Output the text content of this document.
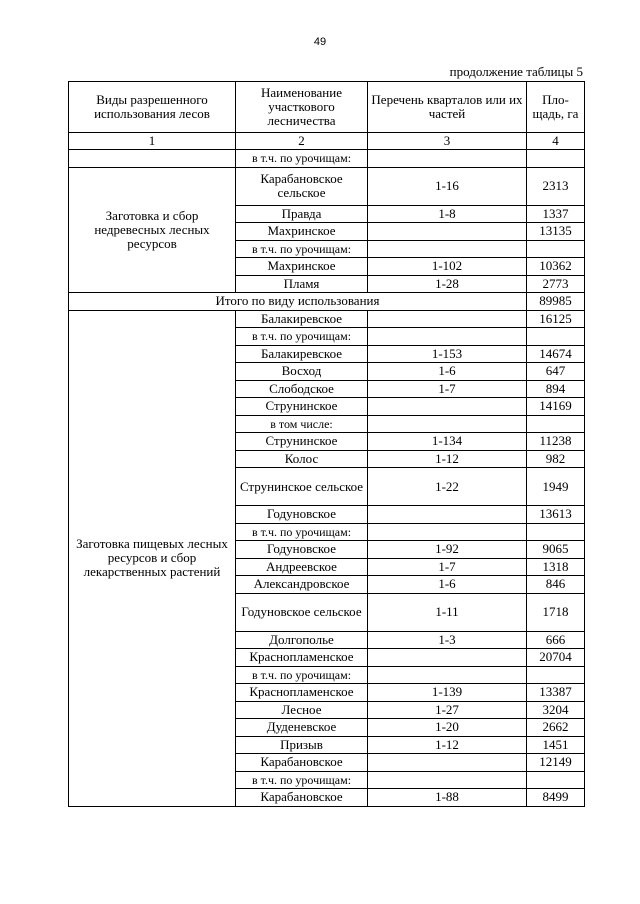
49
продолжение таблицы 5
Виды разрешенного использования лесов	Наименование участкового лесничества	Перечень кварталов или их частей	Пло-щадь, га
1	2	3	4
	в т.ч. по урочищам:		
Заготовка и сбор недревесных лесных ресурсов	Карабановское сельское	1-16	2313
	Правда	1-8	1337
	Махринское		13135
	в т.ч. по урочищам:		
	Махринское	1-102	10362
	Пламя	1-28	2773
Итого по виду использования			89985
Заготовка пищевых лесных ресурсов и сбор лекарственных растений	Балакиревское		16125
	в т.ч. по урочищам:		
	Балакиревское	1-153	14674
	Восход	1-6	647
	Слободское	1-7	894
	Струнинское		14169
	в том числе:		
	Струнинское	1-134	11238
	Колос	1-12	982
	Струнинское сельское	1-22	1949
	Годуновское		13613
	в т.ч. по урочищам:		
	Годуновское	1-92	9065
	Андреевское	1-7	1318
	Александровское	1-6	846
	Годуновское сельское	1-11	1718
	Долгополье	1-3	666
	Краснопламенское		20704
	в т.ч. по урочищам:		
	Краснопламенское	1-139	13387
	Лесное	1-27	3204
	Дуденевское	1-20	2662
	Призыв	1-12	1451
	Карабановское		12149
	в т.ч. по урочищам:		
	Карабановское	1-88	8499
